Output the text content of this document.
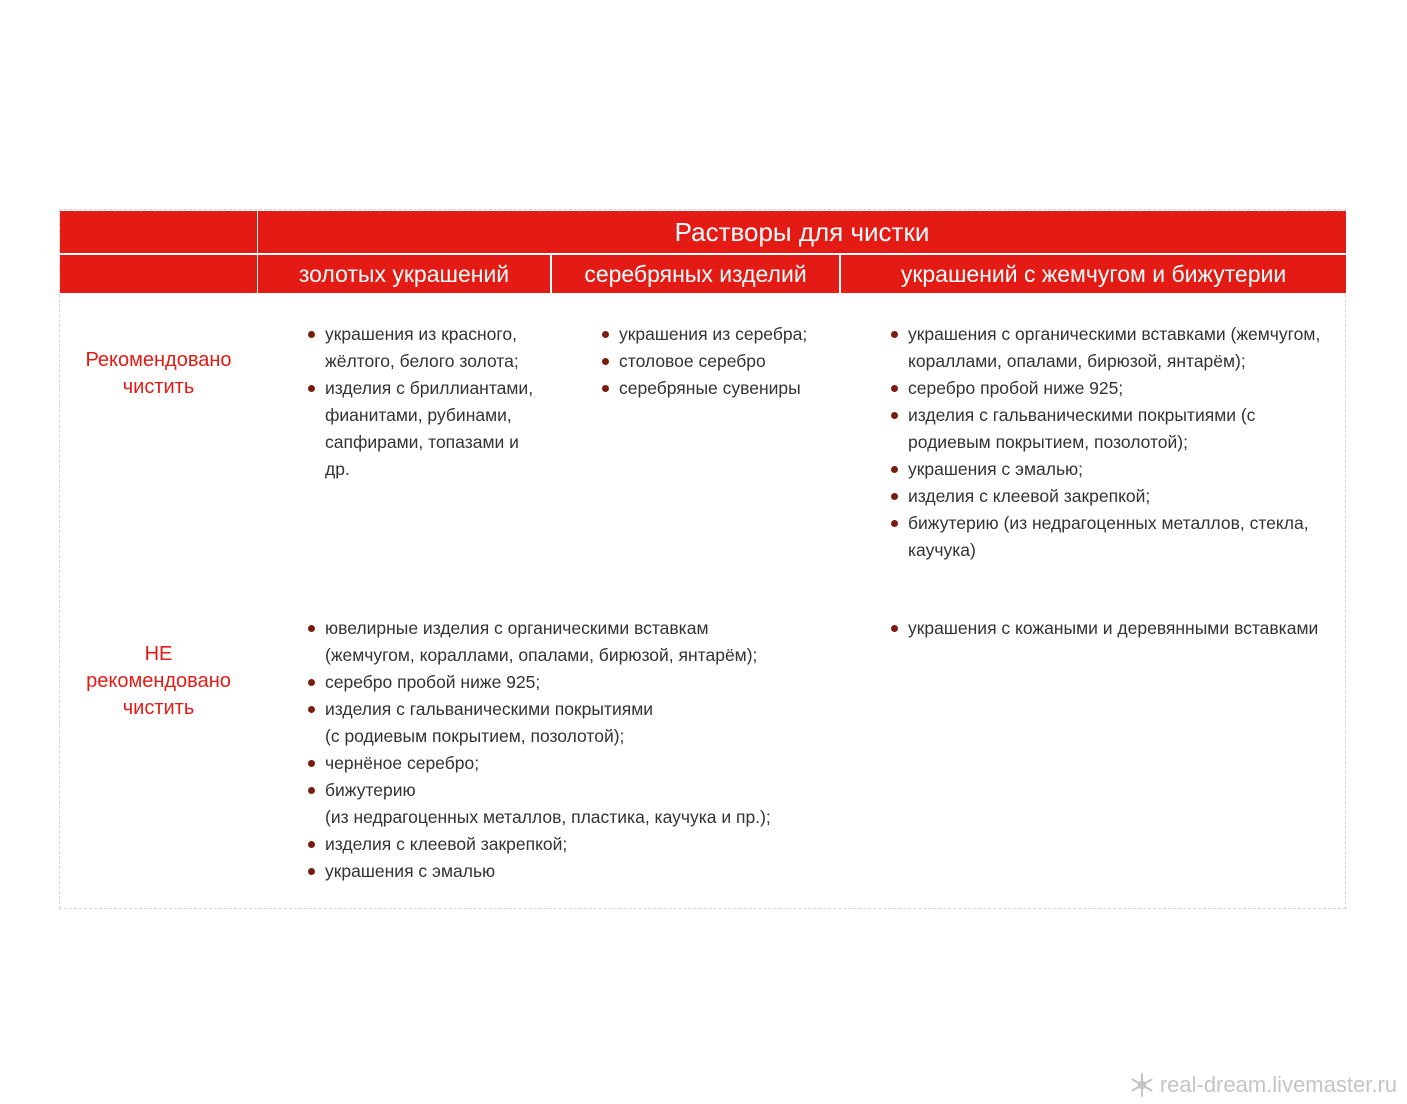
Растворы для чистки
золотых украшений	серебряных изделий	украшений с жемчугом и бижутерии
Рекомендовано
чистить
украшения из красного, жёлтого, белого золота;
изделия с бриллиантами, фианитами, рубинами, сапфирами, топазами и др.
украшения из серебра;
столовое серебро
серебряные сувениры
украшения с органическими вставками (жемчугом, кораллами, опалами, бирюзой, янтарём);
серебро пробой ниже 925;
изделия с гальваническими покрытиями (с родиевым покрытием, позолотой);
украшения с эмалью;
изделия с клеевой закрепкой;
бижутерию (из недрагоценных металлов, стекла, каучука)
НЕ
рекомендовано
чистить
ювелирные изделия с органическими вставкам
(жемчугом, кораллами, опалами, бирюзой, янтарём);
серебро пробой ниже 925;
изделия с гальваническими покрытиями
(с родиевым покрытием, позолотой);
чернёное серебро;
бижутерию
(из недрагоценных металлов, пластика, каучука и пр.);
изделия с клеевой закрепкой;
украшения с эмалью
украшения с кожаными и деревянными вставками
real-dream.livemaster.ru
